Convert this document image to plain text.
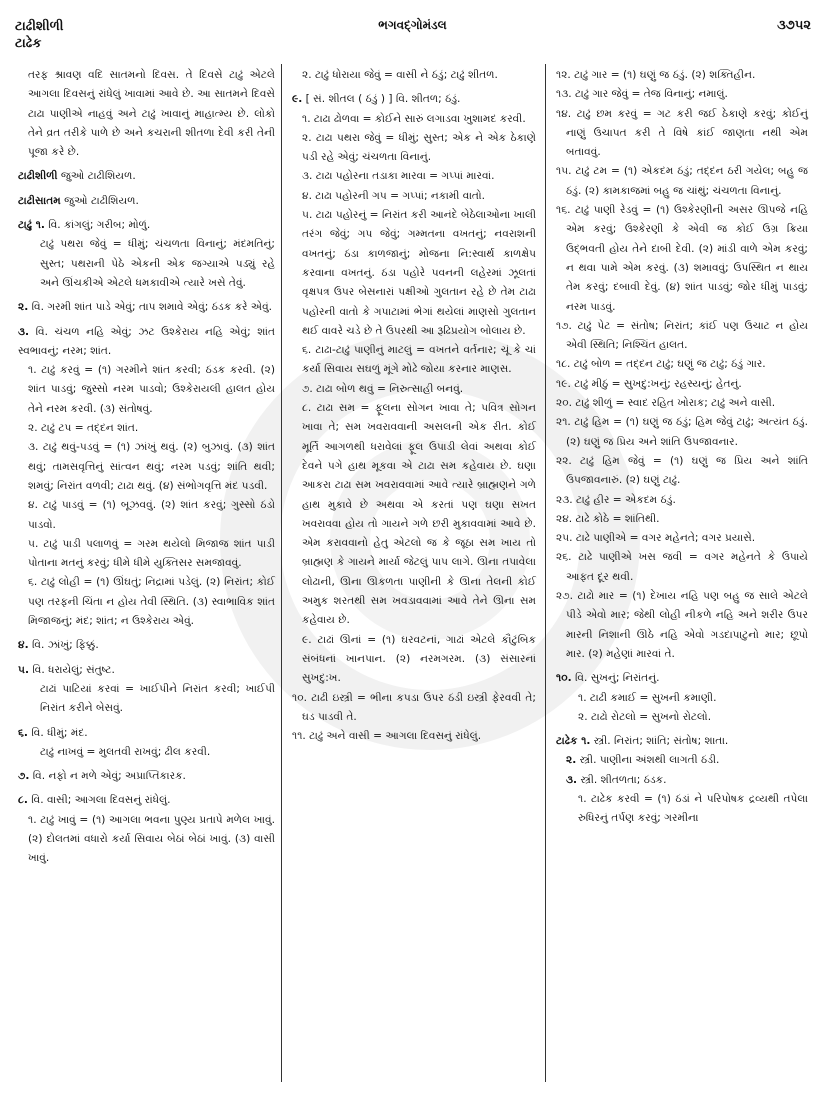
ભગવદ્ગોમંડલ
ટાઢીશીળી
ટાઢેક
૩૭૫૨

તરફ શ્રાવણ વદિ સાતમનો દિવસ. તે દિવસે ટાઢું એટલે આગલા દિવસનું રાંધેલું ખાવામાં આવે છે. આ સાતમને દિવસે ટાઢા પાણીએ નાહવું અને ટાઢું ખાવાનું માહાત્મ્ય છે. લોકો તેને વ્રત તરીકે પાળે છે અને કચરાની શીતળા દેવી કરી તેની પૂજા કરે છે.

ટાઢીશીળી જુઓ ટાઢીશિયળ.

ટાઢીસાતમ જુઓ ટાઢીશિયળ.

ટાઢું ૧. વિ. કાંગલું; ગરીબ; મોળું.

ટાઢું પથરા જેવું = ધીમું; ચંચળતા વિનાનું; મંદમતિનું; સુસ્ત; પથરાની પેઠે એકની એક જગ્યાએ પડ્યું રહે અને ઊંચકીએ એટલે ધમકાવીએ ત્યારે ખસે તેવું.

૨. વિ. ગરમી શાંત પાડે એવું; તાપ શમાવે એવું; ઠંડક કરે એવું.

૩. વિ. ચંચળ નહિ એવું; ઝટ ઉશ્કેરાય નહિ એવું; શાંત સ્વભાવનું; નરમ; શાંત.

૧. ટાઢું કરવું = (૧) ગરમીને શાંત કરવી; ઠંડક કરવી. (૨) શાંત પાડવું; જુસ્સો નરમ પાડવો; ઉશ્કેરાયલી હાલત હોય તેને નરમ કરવી. (૩) સંતોષવું.

૨. ટાઢું ટપ = તદ્દન શાંત.

૩. ટાઢું થવું-પડવું = (૧) ઝાંખું થવું. (૨) બુઝાવું. (૩) શાંત થવું; તામસવૃત્તિનું સાંત્વન થવું; નરમ પડવું; શાંતિ થવી; શમવું; નિરાંત વળવી; ટાઢા થવું. (૪) સંભોગવૃત્તિ મંદ પડવી.

૪. ટાઢું પાડવું = (૧) બૂઝવવું. (૨) શાંત કરવું; ગુસ્સો ઠંડો પાડવો.

૫. ટાઢું પાડી પલાળવું = ગરમ થયેલો મિજાજ શાંત પાડી પોતાના મતનું કરવું; ધીમે ધીમે યુક્તિસર સમજાવવું.

૬. ટાઢું લોહી = (૧) ઊંઘતું; નિદ્રામાં પડેલું. (૨) નિરાંત; કોઈ પણ તરફની ચિંતા ન હોય તેવી સ્થિતિ. (૩) સ્વાભાવિક શાંત મિજાજનું; મંદ; શાંત; ન ઉશ્કેરાય એવું.

૪. વિ. ઝાંખું; ફિક્કું.

૫. વિ. ધરાયેલું; સંતુષ્ટ.

ટાઢાં પાટિયાં કરવાં = ખાઈપીને નિરાંત કરવી; ખાઈપી નિરાંત કરીને બેસવું.

૬. વિ. ધીમું; મંદ.

ટાઢું નાખવું = મુલતવી રાખવું; ઢીલ કરવી.

૭. વિ. નફો ન મળે એવું; અપ્રાપ્તિકારક.

૮. વિ. વાસી; આગલા દિવસનું રાંધેલું.

૧. ટાઢું ખાવું = (૧) આગલા ભવના પુણ્ય પ્રતાપે મળેલ ખાવું. (૨) દોલતમાં વધારો કર્યા સિવાય બેઠાં બેઠાં ખાવું. (૩) વાસી ખાવું.

૨. ટાઢું ધોરાયા જેવું = વાસી ને ઠંડું; ટાઢું શીતળ.

૯. [ સં. શીતલ ( ઠંડું ) ] વિ. શીતળ; ઠંડું.

૧. ટાઢા ઢોળવા = કોઈને સારું લગાડવા ખુશામદ કરવી.

૨. ટાઢા પથરા જેવું = ધીમું; સુસ્ત; એક ને એક ઠેકાણે પડી રહે એવું; ચંચળતા વિનાનું.

૩. ટાઢા પહોરના તડાકા મારવા = ગપ્પાં મારવાં.

૪. ટાઢા પહોરની ગપ = ગપ્પાં; નકામી વાતો.

૫. ટાઢા પહોરનું = નિરાંત કરી આનંદે બેઠેલાઓના ખાલી તરંગ જેવું; ગપ જેવું; ગમ્મતના વખતનું; નવરાશની વખતનું; ઠંડા કાળજાનું; મોજના નિ:સ્વાર્થ કાળક્ષેપ કરવાના વખતનું. ઠંડા પહોરે પવનની લહેરમાં ઝૂલતાં વૃક્ષપત્ર ઉપર બેસનારાં પક્ષીઓ ગુલતાન રહે છે તેમ ટાઢા પહોરની વાતો કે ગપાટામાં ભેગાં થયેલાં માણસો ગુલતાન થઈ વાવરે ચડે છે તે ઉપરથી આ રૂઢિપ્રયોગ બોલાય છે.

૬. ટાઢા-ટાઢું પાણીનું માટલું = વખતને વર્તનાર; ચૂં કે ચાં કર્યા સિવાય સઘળું મૂંગે મોઢે જોયા કરનાર માણસ.

૭. ટાઢા બોળ થવું = નિરુત્સાહી બનવું.

૮. ટાઢા સમ = ફૂલના સોગન ખાવા તે; પવિત્ર સોગન ખાવા તે; સમ ખવરાવવાની અસલની એક રીત. કોઈ મૂર્તિ આગળથી ધરાવેલાં ફૂલ ઉપાડી લેવાં અથવા કોઈ દેવને પગે હાથ મૂકવા એ ટાઢા સમ કહેવાય છે. ઘણા આકરા ટાઢા સમ ખવરાવવામાં આવે ત્યારે બ્રાહ્મણને ગળે હાથ મુકાવે છે અથવા એ કરતાં પણ ઘણા સખત ખવરાવવા હોય તો ગાયને ગળે છરી મુકાવવામાં આવે છે. એમ કરાવવાનો હેતુ એટલો જ કે જૂઠા સમ ખાય તો બ્રાહ્મણ કે ગાયને માર્યા જેટલું પાપ લાગે. ઊના તપાવેલા લોઢાની, ઊના ઊકળતા પાણીની કે ઊના તેલની કોઈ અમુક શરતથી સમ ખવડાવવામાં આવે તેને ઊના સમ કહેવાય છે.

૯. ટાઢાં ઊનાં = (૧) ઘરવટનાં, ગાઢાં એટલે કૌટુંબિક સંબંધનાં ખાનપાન. (૨) નરમગરમ. (૩) સંસારનાં સુખદુ:ખ.

૧૦. ટાઢી ઇસ્ત્રી = ભીના કપડા ઉપર ઠંડી ઇસ્ત્રી ફેરવવી તે; ઘડ પાડવી તે.

૧૧. ટાઢું અને વાસી = આગલા દિવસનું રાંધેલું.

૧૨. ટાઢું ગાર = (૧) ઘણું જ ઠંડું. (૨) શક્તિહીન.

૧૩. ટાઢું ગાર જેવું = તેજ વિનાનું; નમાલું.

૧૪. ટાઢું છમ કરવું = ગટ કરી જઈ ઠેકાણે કરવું; કોઈનું નાણું ઉચાપત કરી તે વિષે કાંઈ જાણતા નથી એમ બતાવવું.

૧૫. ટાઢું ટમ = (૧) એકદમ ઠંડું; તદ્દન ઠરી ગયેલ; બહુ જ ઠંડું. (૨) કામકાજમાં બહુ જ ચાંથું; ચંચળતા વિનાનું.

૧૬. ટાઢું પાણી રેડવું = (૧) ઉશ્કેરણીની અસર ઊપજે નહિ એમ કરવું; ઉશ્કેરણી કે એવી જ કોઈ ઉગ્ર ક્રિયા ઉદ્ભવતી હોય તેને દાબી દેવી. (૨) માંડી વાળે એમ કરવું; ન થવા પામે એમ કરવું. (૩) શમાવવું; ઉપસ્થિત ન થાય તેમ કરવું; દબાવી દેવું. (૪) શાંત પાડવું; જોર ધીમું પાડવું; નરમ પાડવું.

૧૭. ટાઢું પેટ = સંતોષ; નિરાંત; કાંઈ પણ ઉચાટ ન હોય એવી સ્થિતિ; નિશ્ચિંત હાલત.

૧૮. ટાઢું બોળ = તદ્દન ટાઢું; ઘણું જ ટાઢું; ઠંડું ગાર.

૧૯. ટાઢું મીઠું = સુખદુ:ખનું; રહસ્યનું; હેતનું.

૨૦. ટાઢું શીળું = સ્વાદ રહિત ખોરાક; ટાઢું અને વાસી.

૨૧. ટાઢું હિમ = (૧) ઘણું જ ઠંડું; હિમ જેવું ટાઢું; અત્યંત ઠંડું. (૨) ઘણું જ પ્રિય અને શાંતિ ઉપજાવનાર.

૨૨. ટાઢું હિમ જેવું = (૧) ઘણું જ પ્રિય અને શાંતિ ઉપજાવનારું. (૨) ઘણું ટાઢું.

૨૩. ટાઢું હીર = એકદમ ઠંડું.

૨૪. ટાઢે કોઠે = શાંતિથી.

૨૫. ટાઢે પાણીએ = વગર મહેનતે; વગર પ્રયાસે.

૨૬. ટાઢે પાણીએ ખસ જવી = વગર મહેનતે કે ઉપાયે આફત દૂર થવી.

૨૭. ટાઢો માર = (૧) દેખાય નહિ પણ બહુ જ સાલે એટલે પીડે એવો માર; જેથી લોહી નીકળે નહિ અને શરીર ઉપર મારની નિશાની ઊઠે નહિ એવો ગડદાપાટુનો માર; છૂપો માર. (૨) મહેણાં મારવાં તે.

૧૦. વિ. સુખનું; નિરાંતનું.

૧. ટાઢી કમાઈ = સુખની કમાણી.

૨. ટાઢો રોટલો = સુખનો રોટલો.

ટાઢેક ૧. સ્ત્રી. નિરાંત; શાંતિ; સંતોષ; શાતા.

૨. સ્ત્રી. પાણીના અંશથી લાગતી ઠંડી.

૩. સ્ત્રી. શીતળતા; ઠંડક.

૧. ટાઢેક કરવી = (૧) ઠંડાં ને પરિપોષક દ્રવ્યથી તપેલા રુધિરનું તર્પણ કરવું; ગરમીના
